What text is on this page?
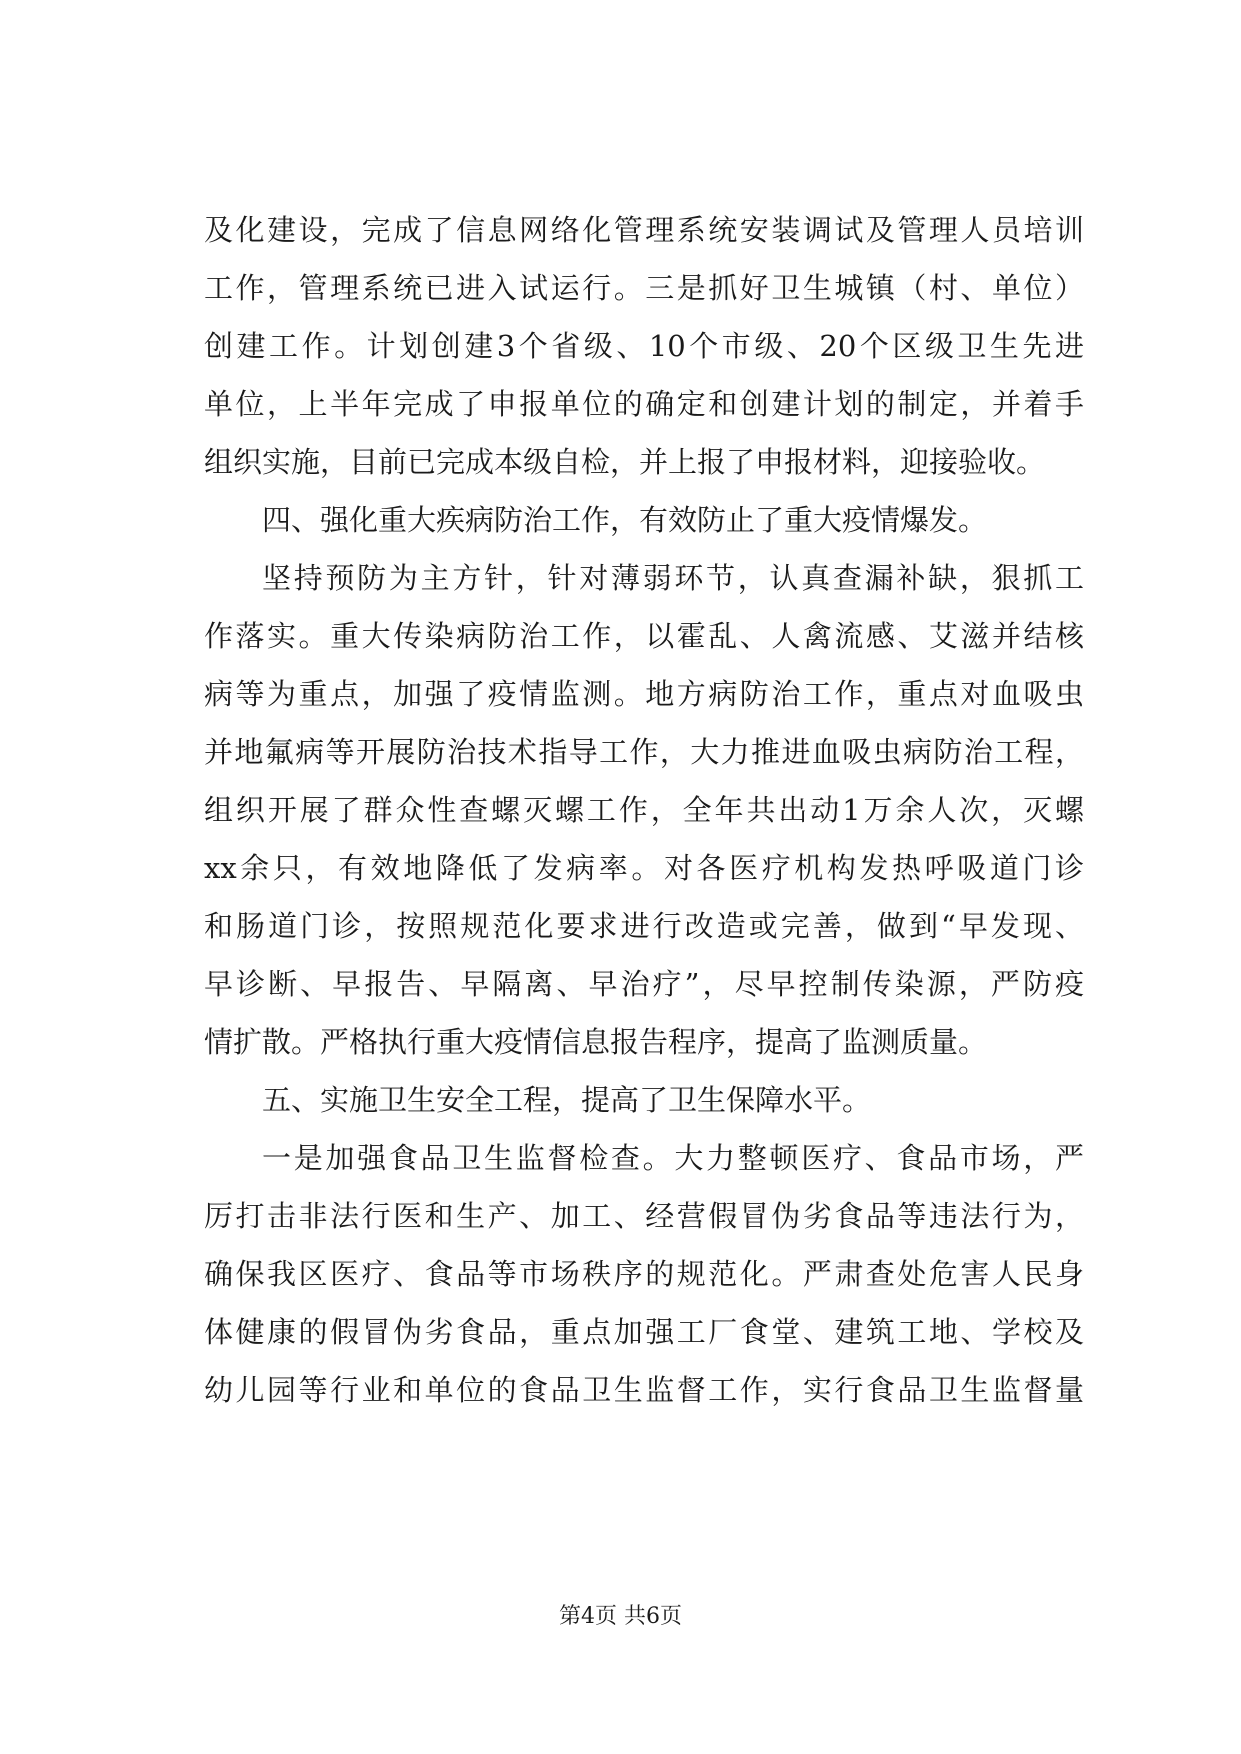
及化建设，完成了信息网络化管理系统安装调试及管理人员培训
工作，管理系统已进入试运行。三是抓好卫生城镇（村、单位）
创建工作。计划创建3个省级、10个市级、20个区级卫生先进
单位，上半年完成了申报单位的确定和创建计划的制定，并着手
组织实施，目前已完成本级自检，并上报了申报材料，迎接验收。
四、强化重大疾病防治工作，有效防止了重大疫情爆发。
坚持预防为主方针，针对薄弱环节，认真查漏补缺，狠抓工
作落实。重大传染病防治工作，以霍乱、人禽流感、艾滋并结核
病等为重点，加强了疫情监测。地方病防治工作，重点对血吸虫
并地氟病等开展防治技术指导工作，大力推进血吸虫病防治工程，
组织开展了群众性查螺灭螺工作，全年共出动1万余人次，灭螺
xx余只，有效地降低了发病率。对各医疗机构发热呼吸道门诊
和肠道门诊，按照规范化要求进行改造或完善，做到“早发现、
早诊断、早报告、早隔离、早治疗”，尽早控制传染源，严防疫
情扩散。严格执行重大疫情信息报告程序，提高了监测质量。
五、实施卫生安全工程，提高了卫生保障水平。
一是加强食品卫生监督检查。大力整顿医疗、食品市场，严
厉打击非法行医和生产、加工、经营假冒伪劣食品等违法行为，
确保我区医疗、食品等市场秩序的规范化。严肃查处危害人民身
体健康的假冒伪劣食品，重点加强工厂食堂、建筑工地、学校及
幼儿园等行业和单位的食品卫生监督工作，实行食品卫生监督量
第4页 共6页
